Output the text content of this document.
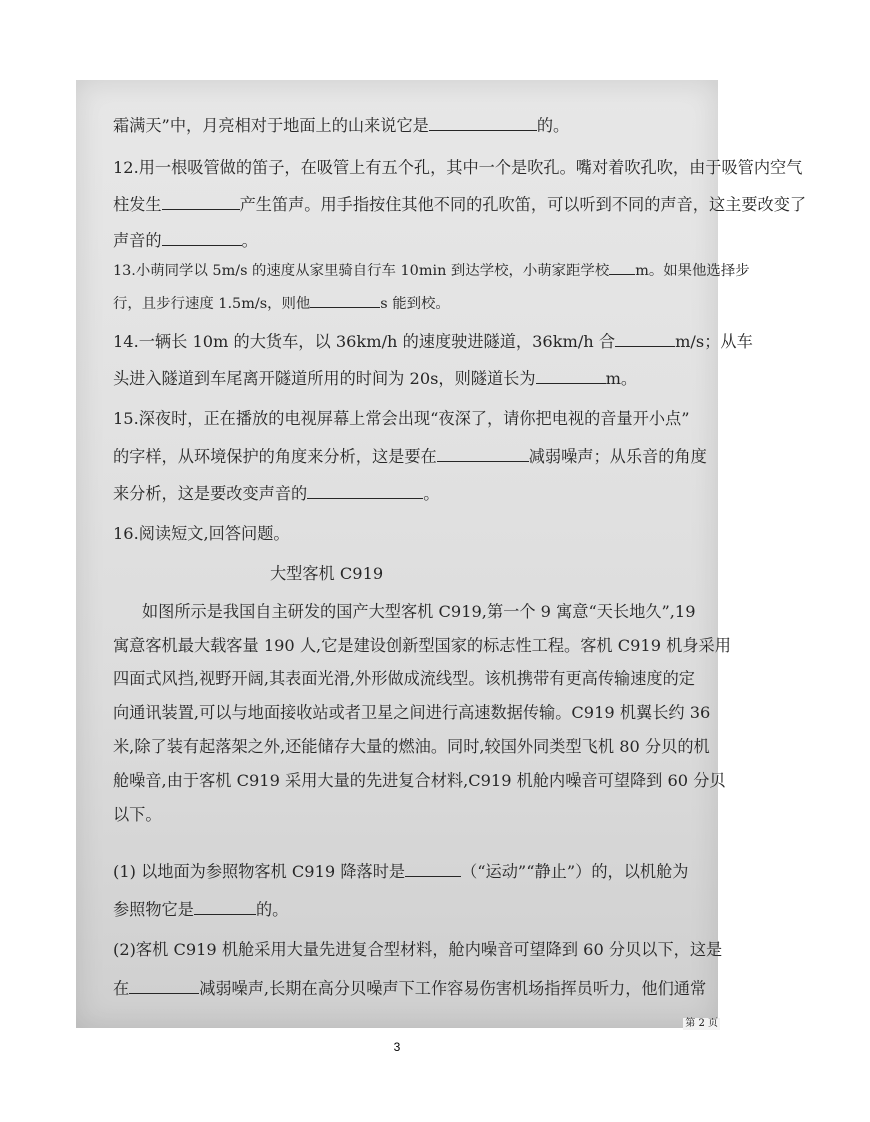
霜满天”中，月亮相对于地面上的山来说它是	的。
12.用一根吸管做的笛子，在吸管上有五个孔，其中一个是吹孔。嘴对着吹孔吹，由于吸管内空气
柱发生	产生笛声。用手指按住其他不同的孔吹笛，可以听到不同的声音，这主要改变了
声音的	。
13.小萌同学以 5m/s 的速度从家里骑自行车 10min 到达学校，小萌家距学校 m。如果他选择步
行，且步行速度 1.5m/s，则他	s 能到校。
14.一辆长 10m 的大货车，以 36km/h 的速度驶进隧道，36km/h 合	m/s；从车
头进入隧道到车尾离开隧道所用的时间为 20s，则隧道长为	m。
15.深夜时，正在播放的电视屏幕上常会出现“夜深了，请你把电视的音量开小点”
的字样，从环境保护的角度来分析，这是要在	减弱噪声；从乐音的角度
来分析，这是要改变声音的	。
16.阅读短文,回答问题。
大型客机 C919
如图所示是我国自主研发的国产大型客机 C919,第一个 9 寓意“天长地久”,19
寓意客机最大载客量 190 人,它是建设创新型国家的标志性工程。客机 C919 机身采用
四面式风挡,视野开阔,其表面光滑,外形做成流线型。该机携带有更高传输速度的定
向通讯装置,可以与地面接收站或者卫星之间进行高速数据传输。C919 机翼长约 36
米,除了装有起落架之外,还能储存大量的燃油。同时,较国外同类型飞机 80 分贝的机
舱噪音,由于客机 C919 采用大量的先进复合材料,C919 机舱内噪音可望降到 60 分贝
以下。
(1) 以地面为参照物客机 C919 降落时是	（“运动”“静止”）的，以机舱为
参照物它是	的。
(2)客机 C919 机舱采用大量先进复合型材料，舱内噪音可望降到 60 分贝以下，这是
在	减弱噪声,长期在高分贝噪声下工作容易伤害机场指挥员听力，他们通常
第 2 页
3
